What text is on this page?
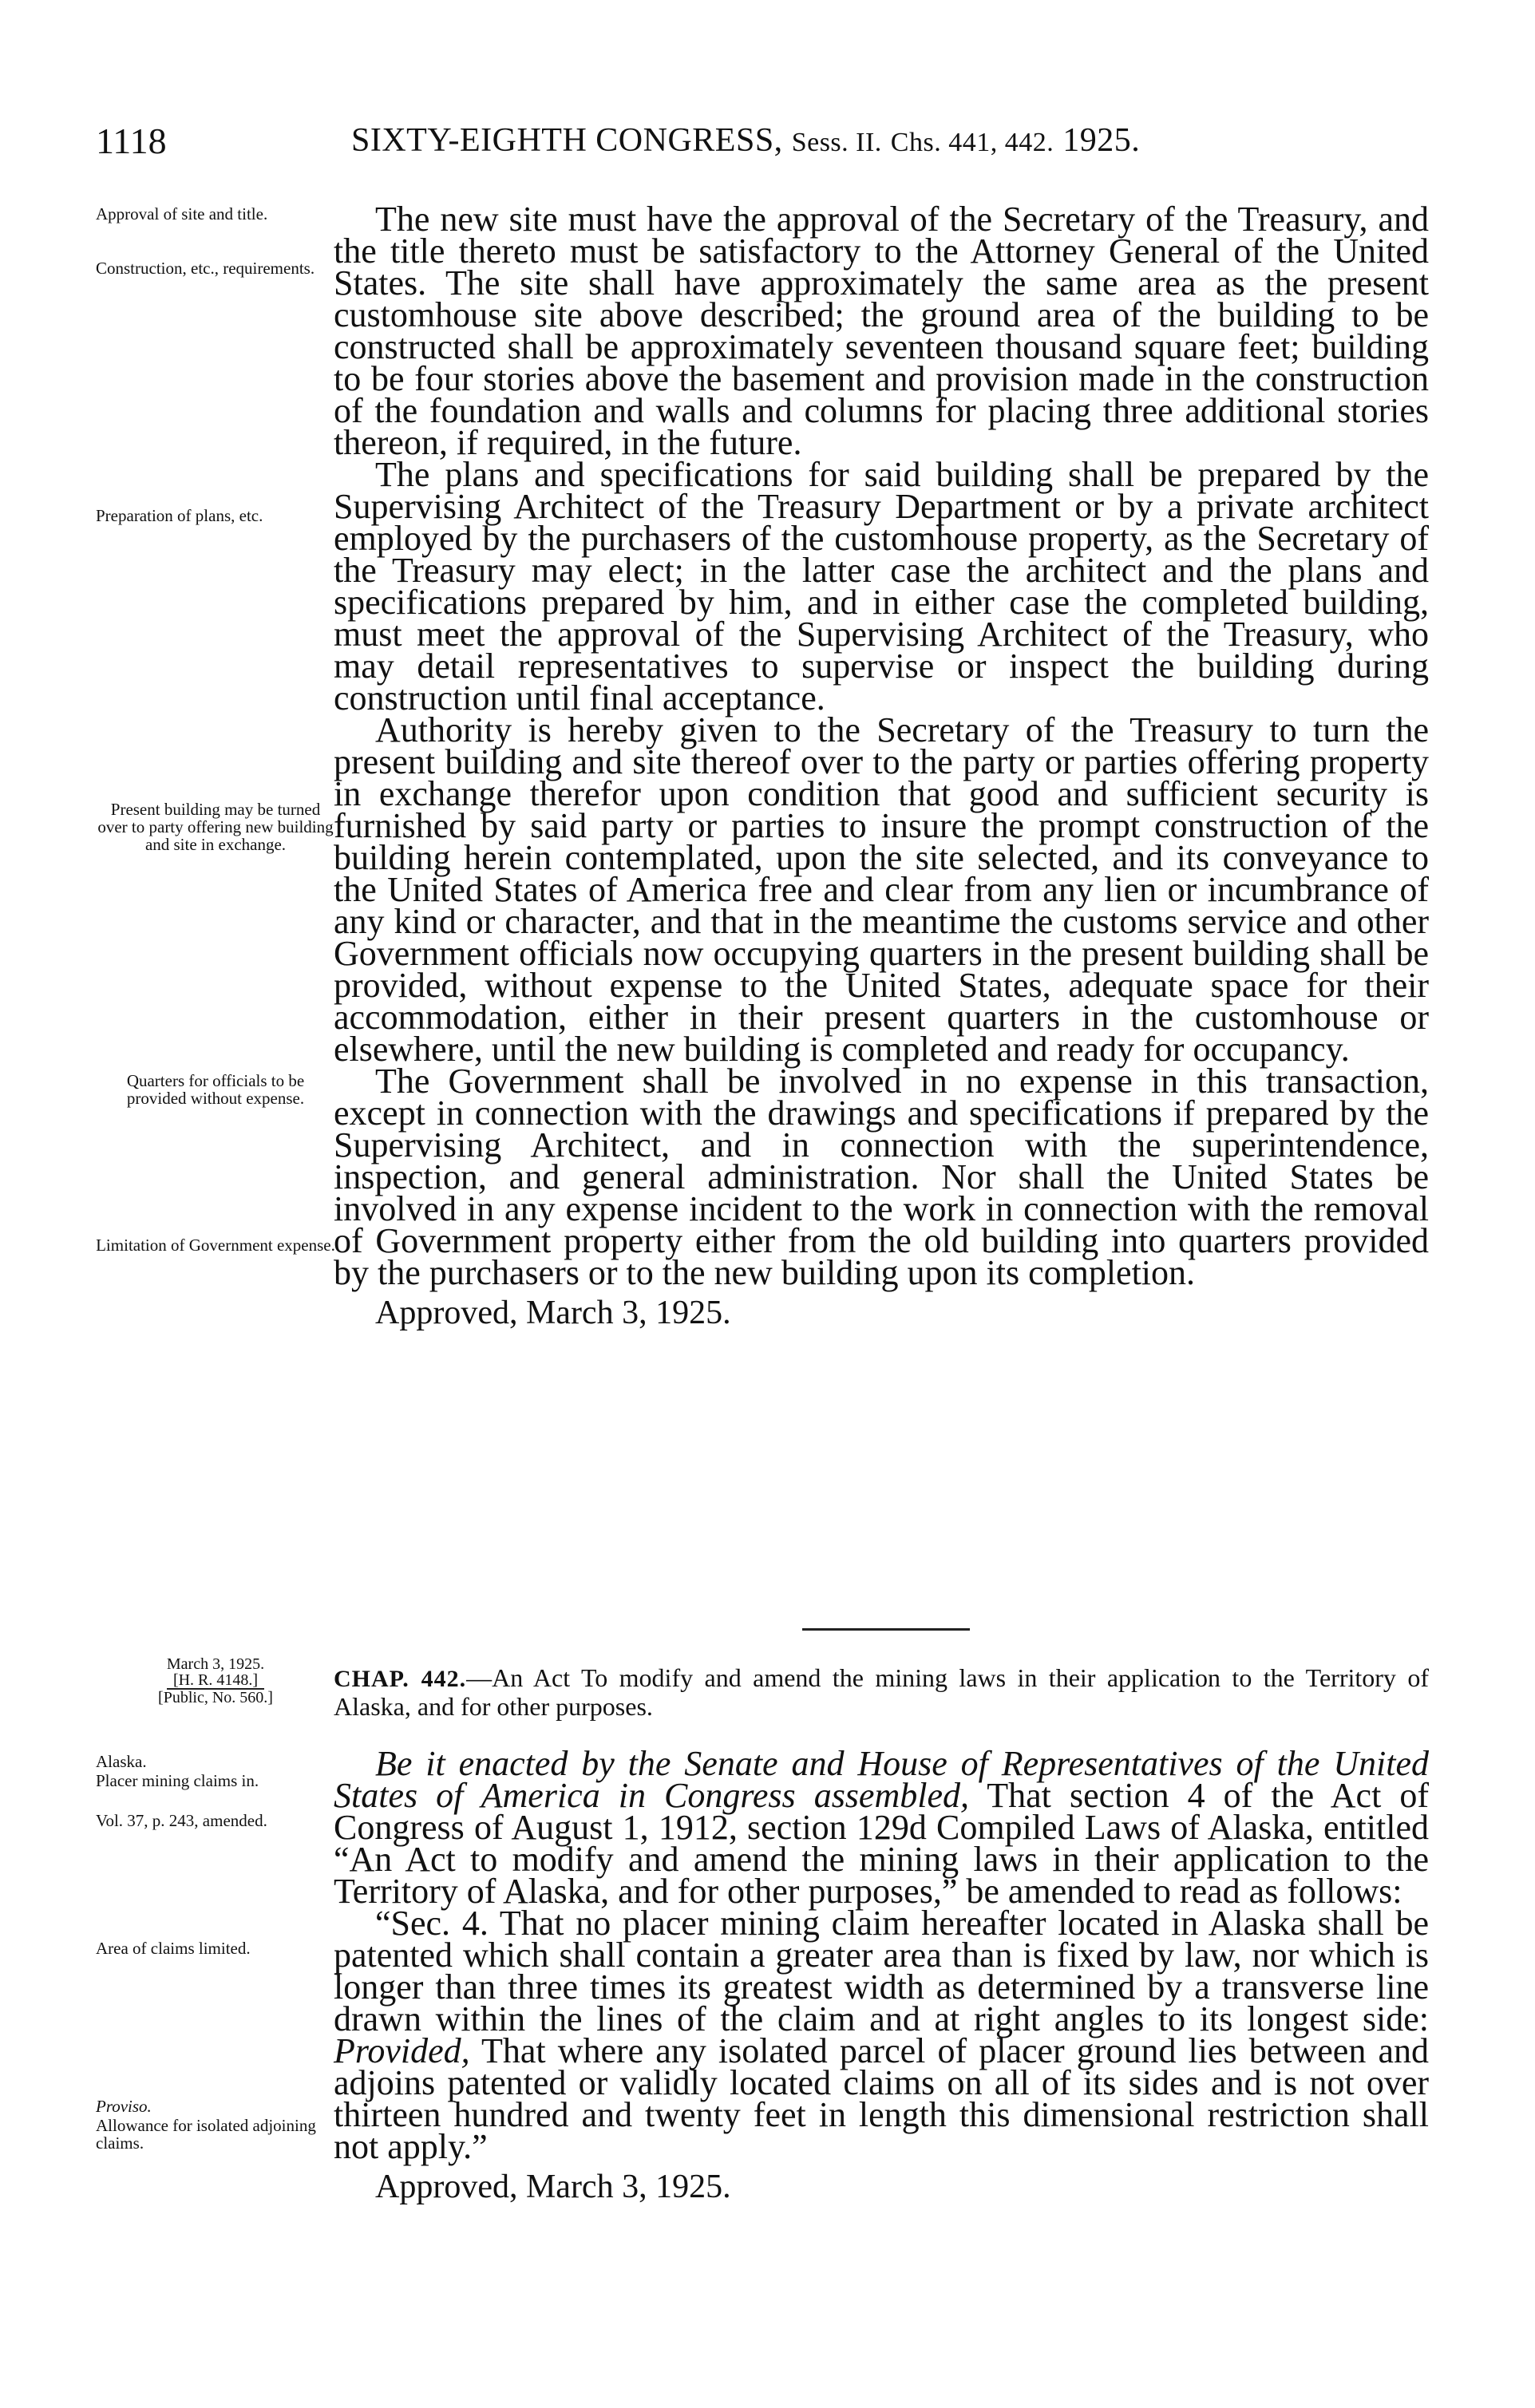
1118	SIXTY-EIGHTH CONGRESS, Sess. II. Chs. 441, 442. 1925.
Approval of site and title.
Construction, etc., requirements.
Preparation of plans, etc.
Present building may be turned over to party offering new building and site in exchange.
Quarters for officials to be provided without expense.
Limitation of Government expense.

The new site must have the approval of the Secretary of the Treasury, and the title thereto must be satisfactory to the Attorney General of the United States. The site shall have approximately the same area as the present customhouse site above described; the ground area of the building to be constructed shall be approximately seventeen thousand square feet; building to be four stories above the basement and provision made in the construction of the foundation and walls and columns for placing three additional stories thereon, if required, in the future.

The plans and specifications for said building shall be prepared by the Supervising Architect of the Treasury Department or by a private architect employed by the purchasers of the customhouse property, as the Secretary of the Treasury may elect; in the latter case the architect and the plans and specifications prepared by him, and in either case the completed building, must meet the approval of the Supervising Architect of the Treasury, who may detail representatives to supervise or inspect the building during construction until final acceptance.

Authority is hereby given to the Secretary of the Treasury to turn the present building and site thereof over to the party or parties offering property in exchange therefor upon condition that good and sufficient security is furnished by said party or parties to insure the prompt construction of the building herein contemplated, upon the site selected, and its conveyance to the United States of America free and clear from any lien or incumbrance of any kind or character, and that in the meantime the customs service and other Government officials now occupying quarters in the present building shall be provided, without expense to the United States, adequate space for their accommodation, either in their present quarters in the customhouse or elsewhere, until the new building is completed and ready for occupancy.

The Government shall be involved in no expense in this transaction, except in connection with the drawings and specifications if prepared by the Supervising Architect, and in connection with the superintendence, inspection, and general administration. Nor shall the United States be involved in any expense incident to the work in connection with the removal of Government property either from the old building into quarters provided by the purchasers or to the new building upon its completion.

Approved, March 3, 1925.
March 3, 1925.
[H. R. 4148.]
[Public, No. 560.]
CHAP. 442.—An Act To modify and amend the mining laws in their application to the Territory of Alaska, and for other purposes.
Alaska.
Placer mining claims in.
Vol. 37, p. 243, amended.
Area of claims limited.
Proviso.
Allowance for isolated adjoining claims.

Be it enacted by the Senate and House of Representatives of the United States of America in Congress assembled, That section 4 of the Act of Congress of August 1, 1912, section 129d Compiled Laws of Alaska, entitled “An Act to modify and amend the mining laws in their application to the Territory of Alaska, and for other purposes,” be amended to read as follows:

“Sec. 4. That no placer mining claim hereafter located in Alaska shall be patented which shall contain a greater area than is fixed by law, nor which is longer than three times its greatest width as determined by a transverse line drawn within the lines of the claim and at right angles to its longest side: Provided, That where any isolated parcel of placer ground lies between and adjoins patented or validly located claims on all of its sides and is not over thirteen hundred and twenty feet in length this dimensional restriction shall not apply.”

Approved, March 3, 1925.
